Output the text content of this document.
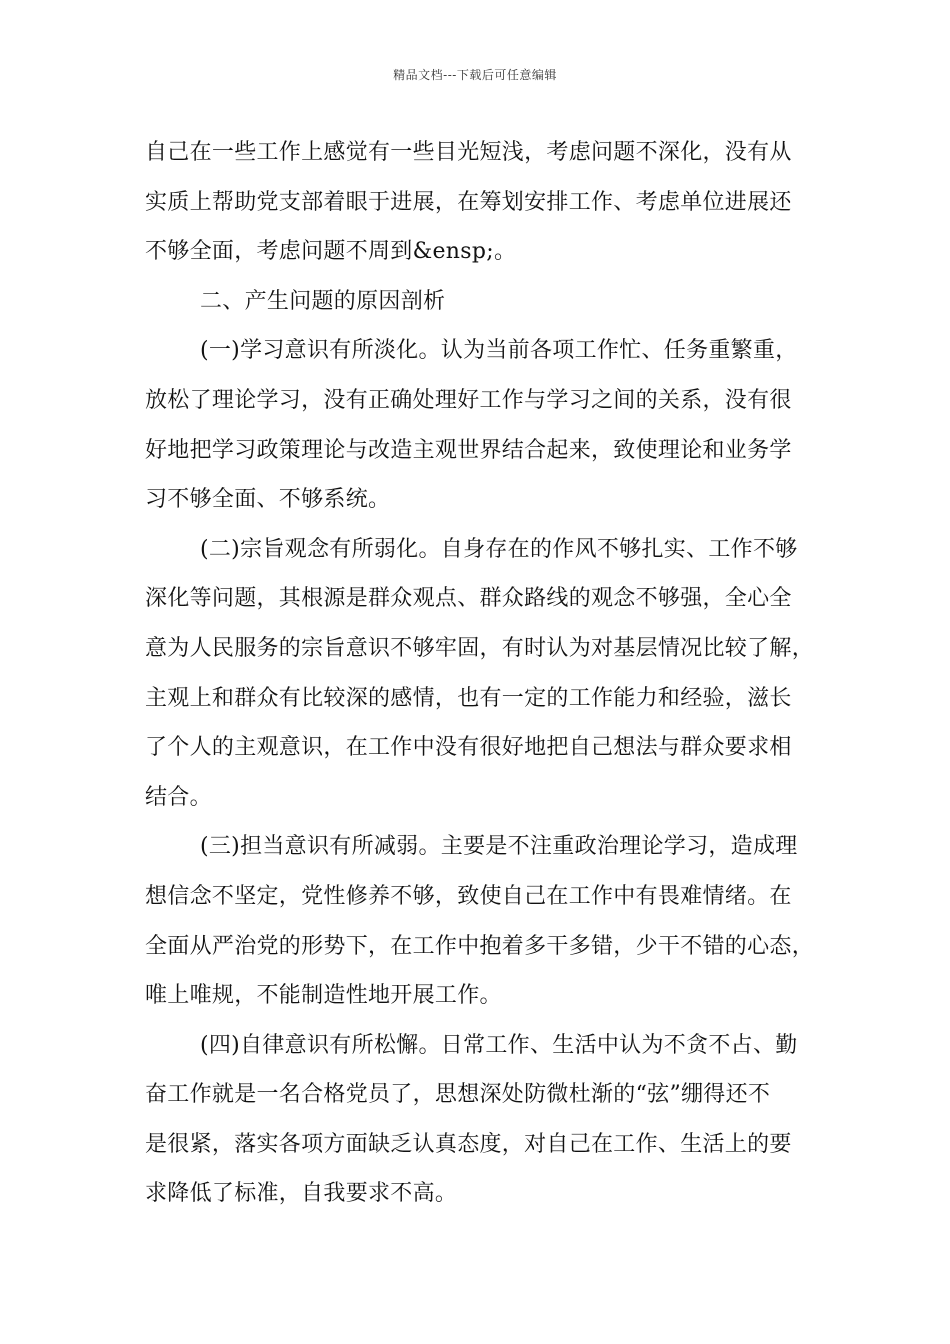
精品文档---下载后可任意编辑
自己在一些工作上感觉有一些目光短浅，考虑问题不深化，没有从
实质上帮助党支部着眼于进展，在筹划安排工作、考虑单位进展还
不够全面，考虑问题不周到&ensp;。
二、产生问题的原因剖析
(一)学习意识有所淡化。认为当前各项工作忙、任务重繁重，
放松了理论学习，没有正确处理好工作与学习之间的关系，没有很
好地把学习政策理论与改造主观世界结合起来，致使理论和业务学
习不够全面、不够系统。
(二)宗旨观念有所弱化。自身存在的作风不够扎实、工作不够
深化等问题，其根源是群众观点、群众路线的观念不够强，全心全
意为人民服务的宗旨意识不够牢固，有时认为对基层情况比较了解，
主观上和群众有比较深的感情，也有一定的工作能力和经验，滋长
了个人的主观意识，在工作中没有很好地把自己想法与群众要求相
结合。
(三)担当意识有所减弱。主要是不注重政治理论学习，造成理
想信念不坚定，党性修养不够，致使自己在工作中有畏难情绪。在
全面从严治党的形势下，在工作中抱着多干多错，少干不错的心态，
唯上唯规，不能制造性地开展工作。
(四)自律意识有所松懈。日常工作、生活中认为不贪不占、勤
奋工作就是一名合格党员了，思想深处防微杜渐的“弦”绷得还不
是很紧，落实各项方面缺乏认真态度，对自己在工作、生活上的要
求降低了标准，自我要求不高。
